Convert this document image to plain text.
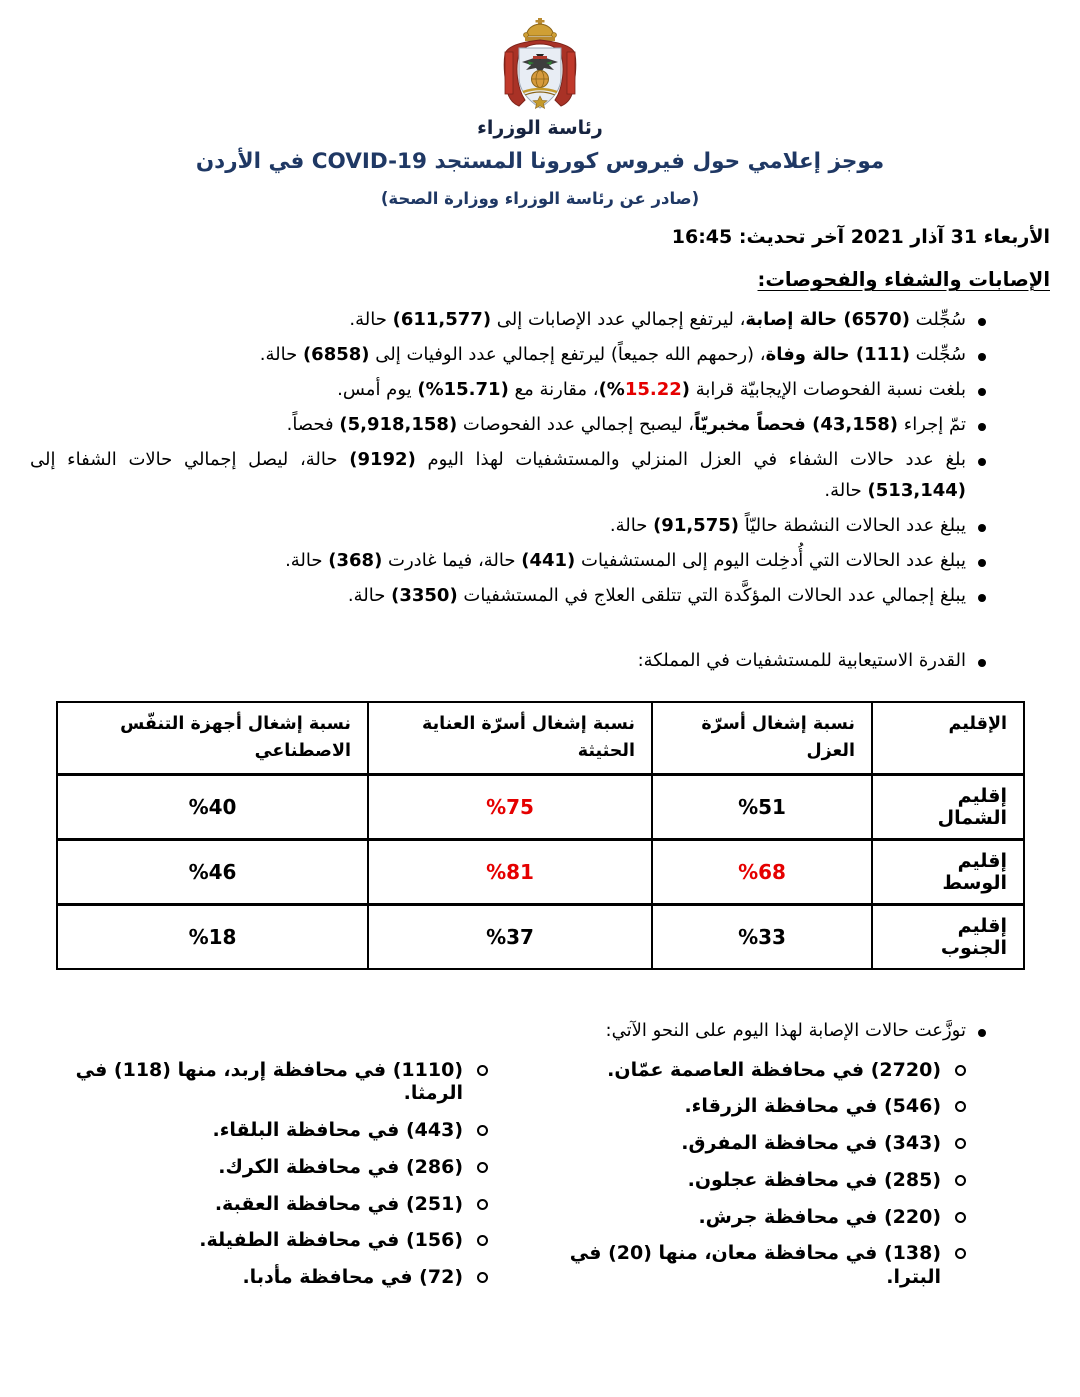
رئاسة الوزراء
موجز إعلامي حول فيروس كورونا المستجد COVID-19 في الأردن
(صادر عن رئاسة الوزراء ووزارة الصحة)
الأربعاء 31 آذار 2021 آخر تحديث: 16:45
الإصابات والشفاء والفحوصات:
سُجِّلت (6570) حالة إصابة، ليرتفع إجمالي عدد الإصابات إلى (611,577) حالة.
سُجِّلت (111) حالة وفاة، (رحمهم الله جميعاً) ليرتفع إجمالي عدد الوفيات إلى (6858) حالة.
بلغت نسبة الفحوصات الإيجابيّة قرابة (%15.22)، مقارنة مع (%15.71) يوم أمس.
تمّ إجراء (43,158) فحصاً مخبريّاً، ليصبح إجمالي عدد الفحوصات (5,918,158) فحصاً.
بلغ عدد حالات الشفاء في العزل المنزلي والمستشفيات لهذا اليوم (9192) حالة، ليصل إجمالي حالات الشفاء إلى (513,144) حالة.
يبلغ عدد الحالات النشطة حاليّاً (91,575) حالة.
يبلغ عدد الحالات التي أُدخِلت اليوم إلى المستشفيات (441) حالة، فيما غادرت (368) حالة.
يبلغ إجمالي عدد الحالات المؤكَّدة التي تتلقى العلاج في المستشفيات (3350) حالة.
القدرة الاستيعابية للمستشفيات في المملكة:
الإقليم	نسبة إشغال أسرّة العزل	نسبة إشغال أسرّة العناية الحثيثة	نسبة إشغال أجهزة التنفّس الاصطناعي
إقليم الشمال	%51	%75	%40
إقليم الوسط	%68	%81	%46
إقليم الجنوب	%33	%37	%18
توزَّعت حالات الإصابة لهذا اليوم على النحو الآتي:
(2720) في محافظة العاصمة عمّان.
(546) في محافظة الزرقاء.
(343) في محافظة المفرق.
(285) في محافظة عجلون.
(220) في محافظة جرش.
(138) في محافظة معان، منها (20) في البترا.
(1110) في محافظة إربد، منها (118) في الرمثا.
(443) في محافظة البلقاء.
(286) في محافظة الكرك.
(251) في محافظة العقبة.
(156) في محافظة الطفيلة.
(72) في محافظة مأدبا.
